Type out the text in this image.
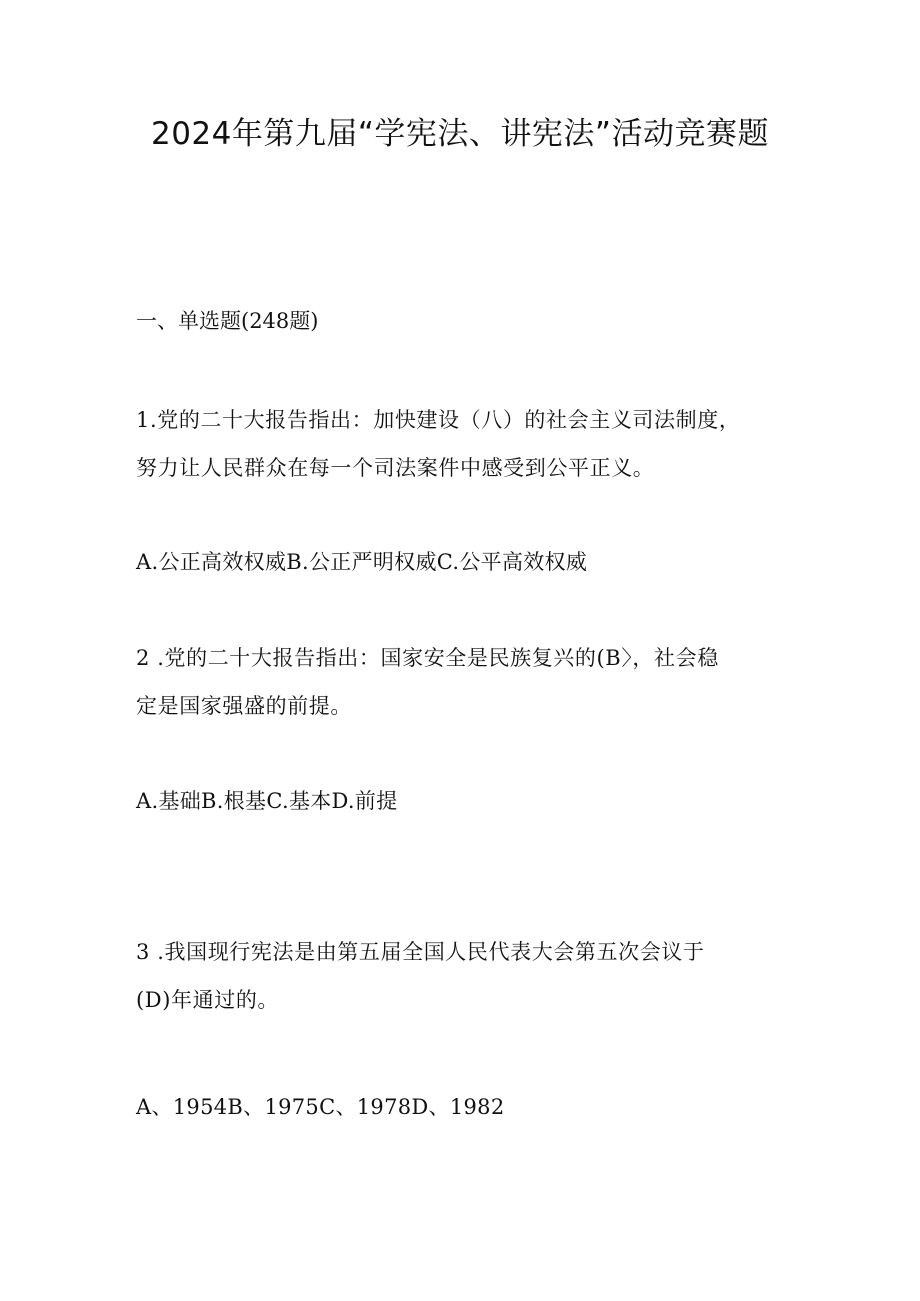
2024年第九届“学宪法、讲宪法”活动竞赛题
一、单选题(248题)
1.党的二十大报告指出：加快建设（八）的社会主义司法制度，
努力让人民群众在每一个司法案件中感受到公平正义。
A.公正高效权威B.公正严明权威C.公平高效权威
2 .党的二十大报告指出：国家安全是民族复兴的(B〉，社会稳
定是国家强盛的前提。
A.基础B.根基C.基本D.前提
3 .我国现行宪法是由第五届全国人民代表大会第五次会议于
(D)年通过的。
A、1954B、1975C、1978D、1982
